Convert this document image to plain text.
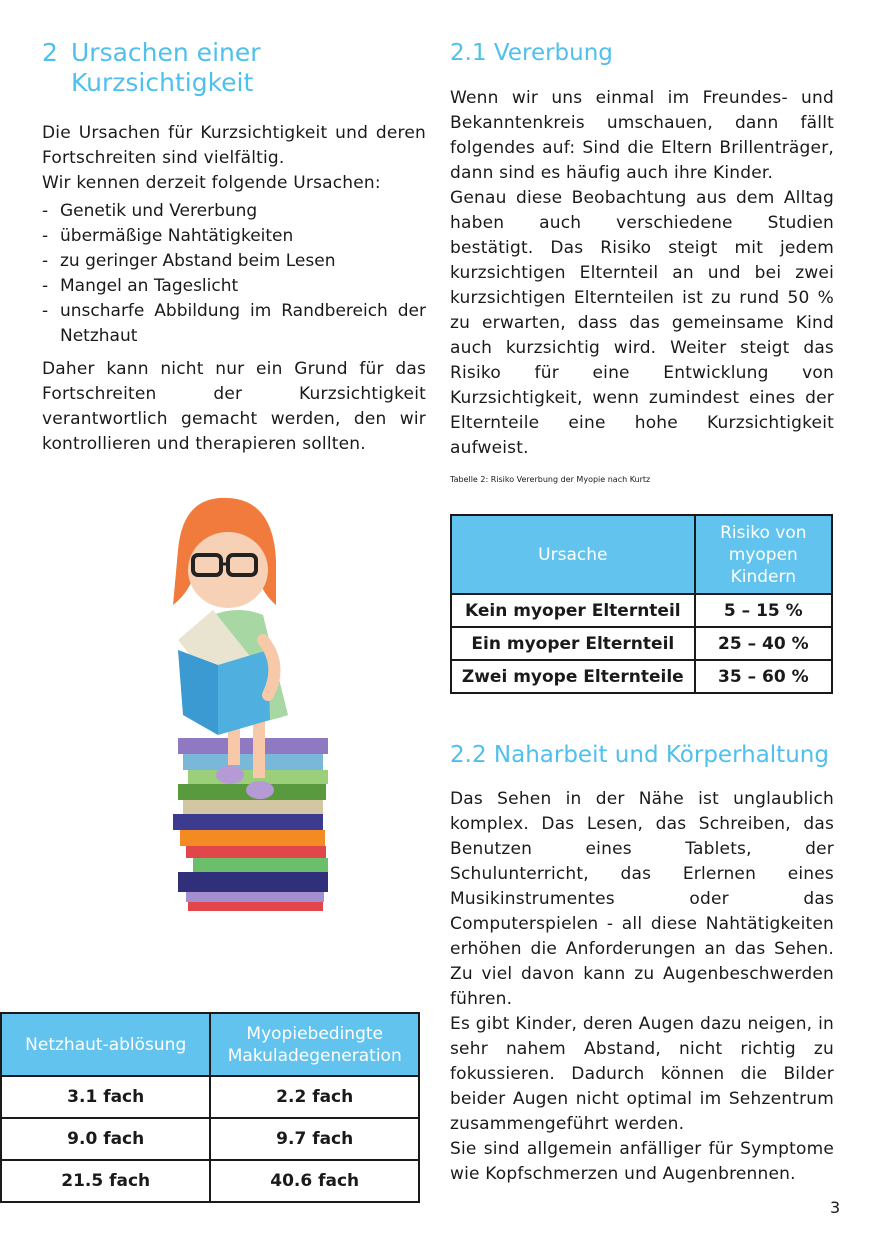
2 Ursachen einer
Kurzsichtigkeit

Die Ursachen für Kurzsichtigkeit und deren Fortschreiten sind vielfältig.

Wir kennen derzeit folgende Ursachen:

- Genetik und Vererbung
- übermäßige Nahtätigkeiten
- zu geringer Abstand beim Lesen
- Mangel an Tageslicht
- unscharfe Abbildung im Randbereich der Netzhaut

Daher kann nicht nur ein Grund für das Fortschreiten der Kurzsichtigkeit verantwortlich gemacht werden, den wir kontrollieren und therapieren sollten.

2.1 Vererbung

Wenn wir uns einmal im Freundes- und Bekanntenkreis umschauen, dann fällt folgendes auf: Sind die Eltern Brillenträger, dann sind es häufig auch ihre Kinder.

Genau diese Beobachtung aus dem Alltag haben auch verschiedene Studien bestätigt. Das Risiko steigt mit jedem kurzsichtigen Elternteil an und bei zwei kurzsichtigen Elternteilen ist zu rund 50 % zu erwarten, dass das gemeinsame Kind auch kurzsichtig wird. Weiter steigt das Risiko für eine Entwicklung von Kurzsichtigkeit, wenn zumindest eines der Elternteile eine hohe Kurzsichtigkeit aufweist.

Tabelle 2: Risiko Vererbung der Myopie nach Kurtz

Ursache	Risiko von myopen Kindern
Kein myoper Elternteil	5 – 15 %
Ein myoper Elternteil	25 – 40 %
Zwei myope Elternteile	35 – 60 %
2.2 Naharbeit und Körperhaltung

Das Sehen in der Nähe ist unglaublich komplex. Das Lesen, das Schreiben, das Benutzen eines Tablets, der Schulunterricht, das Erlernen eines Musikinstrumentes oder das Computerspielen - all diese Nahtätigkeiten erhöhen die Anforderungen an das Sehen. Zu viel davon kann zu Augenbeschwerden führen.

Es gibt Kinder, deren Augen dazu neigen, in sehr nahem Abstand, nicht richtig zu fokussieren. Dadurch können die Bilder beider Augen nicht optimal im Sehzentrum zusammengeführt werden.

Sie sind allgemein anfälliger für Symptome wie Kopfschmerzen und Augenbrennen.

Netzhaut-ablösung	Myopiebedingte Makuladegeneration
3.1 fach	2.2 fach
9.0 fach	9.7 fach
21.5 fach	40.6 fach
3
